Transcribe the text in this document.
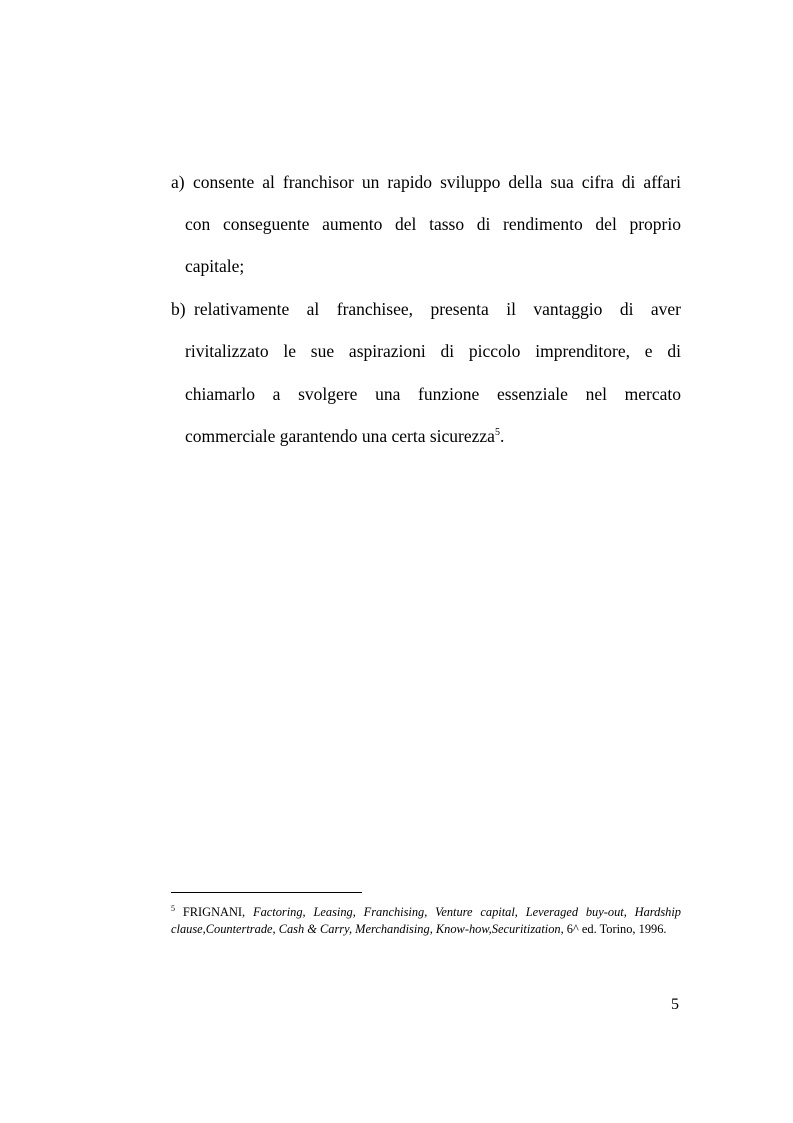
a) consente al franchisor un rapido sviluppo della sua cifra di affari
con conseguente aumento del tasso di rendimento del proprio
capitale;
b) relativamente al franchisee, presenta il vantaggio di aver
rivitalizzato le sue aspirazioni di piccolo imprenditore, e di
chiamarlo a svolgere una funzione essenziale nel mercato
commerciale garantendo una certa sicurezza$^5$.
$^5$ FRIGNANI, Factoring, Leasing, Franchising, Venture capital, Leveraged buy-out, Hardship clause,Countertrade, Cash & Carry, Merchandising, Know-how,Securitization, 6^ ed. Torino, 1996.
5
